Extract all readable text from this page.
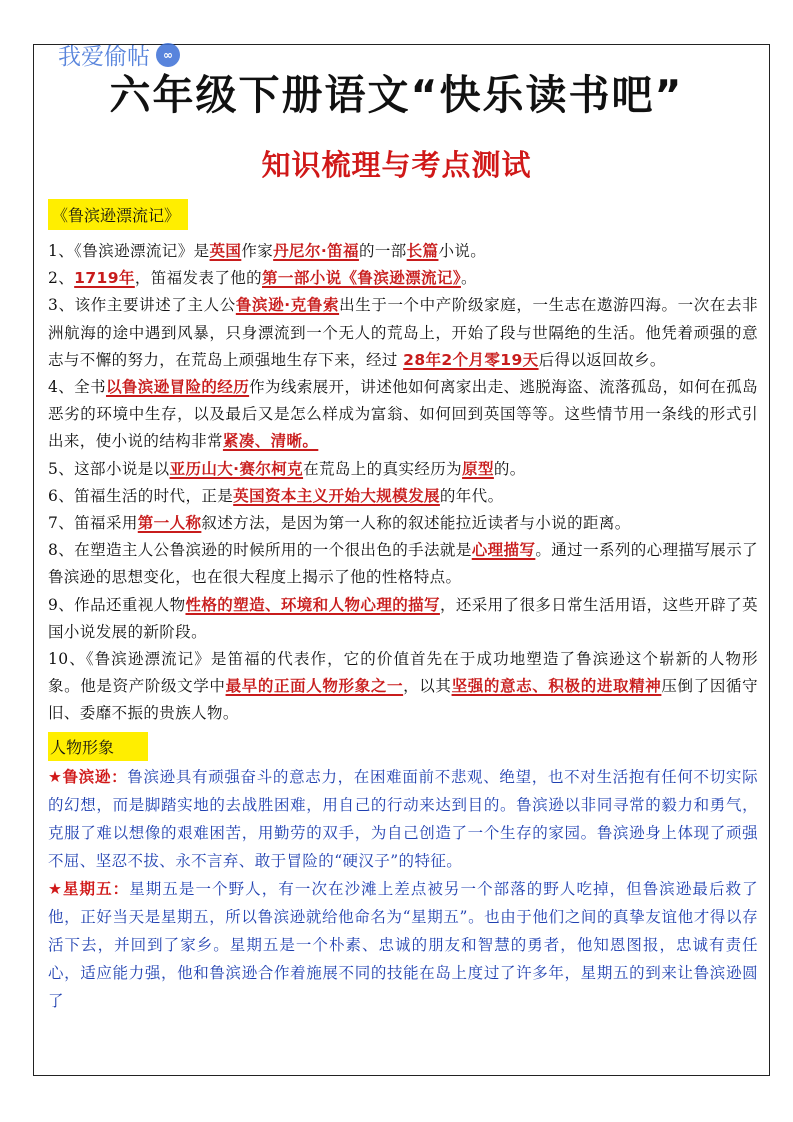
我爱偷帖	∞
六年级下册语文“快乐读书吧”
知识梳理与考点测试
《鲁滨逊漂流记》

1、《鲁滨逊漂流记》是英国作家丹尼尔·笛福的一部长篇小说。

2、1719年，笛福发表了他的第一部小说《鲁滨逊漂流记》。

3、该作主要讲述了主人公鲁滨逊·克鲁索出生于一个中产阶级家庭，一生志在遨游四海。一次在去非洲航海的途中遇到风暴，只身漂流到一个无人的荒岛上，开始了段与世隔绝的生活。他凭着顽强的意志与不懈的努力，在荒岛上顽强地生存下来，经过 28年2个月零19天后得以返回故乡。

4、全书以鲁滨逊冒险的经历作为线索展开，讲述他如何离家出走、逃脱海盗、流落孤岛，如何在孤岛恶劣的环境中生存，以及最后又是怎么样成为富翁、如何回到英国等等。这些情节用一条线的形式引出来，使小说的结构非常紧凑、清晰。

5、这部小说是以亚历山大·赛尔柯克在荒岛上的真实经历为原型的。

6、笛福生活的时代，正是英国资本主义开始大规模发展的年代。

7、笛福采用第一人称叙述方法，是因为第一人称的叙述能拉近读者与小说的距离。

8、在塑造主人公鲁滨逊的时候所用的一个很出色的手法就是心理描写。通过一系列的心理描写展示了鲁滨逊的思想变化，也在很大程度上揭示了他的性格特点。

9、作品还重视人物性格的塑造、环境和人物心理的描写，还采用了很多日常生活用语，这些开辟了英国小说发展的新阶段。

10、《鲁滨逊漂流记》是笛福的代表作，它的价值首先在于成功地塑造了鲁滨逊这个崭新的人物形象。他是资产阶级文学中最早的正面人物形象之一，以其坚强的意志、积极的进取精神压倒了因循守旧、委靡不振的贵族人物。

人物形象

★鲁滨逊：鲁滨逊具有顽强奋斗的意志力，在困难面前不悲观、绝望，也不对生活抱有任何不切实际的幻想，而是脚踏实地的去战胜困难，用自己的行动来达到目的。鲁滨逊以非同寻常的毅力和勇气，克服了难以想像的艰难困苦，用勤劳的双手，为自己创造了一个生存的家园。鲁滨逊身上体现了顽强不屈、坚忍不拔、永不言弃、敢于冒险的“硬汉子”的特征。

★星期五：星期五是一个野人，有一次在沙滩上差点被另一个部落的野人吃掉，但鲁滨逊最后救了他，正好当天是星期五，所以鲁滨逊就给他命名为“星期五”。也由于他们之间的真挚友谊他才得以存活下去，并回到了家乡。星期五是一个朴素、忠诚的朋友和智慧的勇者，他知恩图报，忠诚有责任心，适应能力强，他和鲁滨逊合作着施展不同的技能在岛上度过了许多年，星期五的到来让鲁滨逊圆了
